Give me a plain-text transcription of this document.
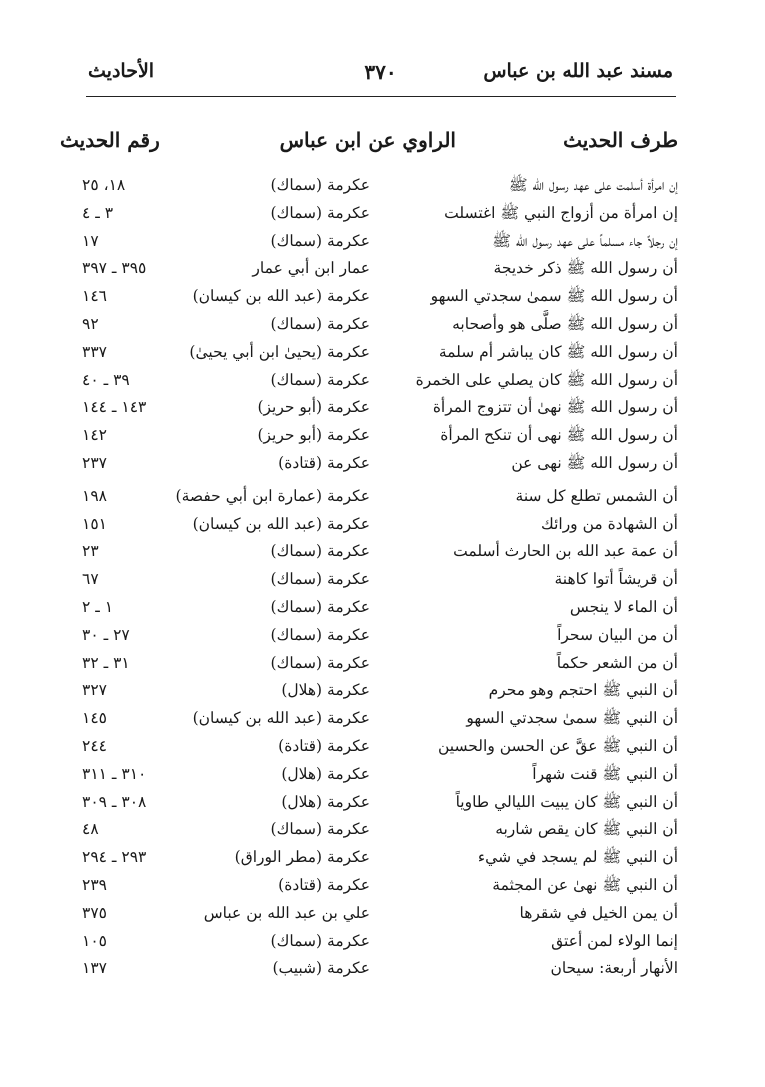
مسند عبد الله بن عباس
٣٧٠
الأحاديث
طرف الحديث
الراوي عن ابن عباس
رقم الحديث
إن امرأة أسلمت على عهد رسول الله ﷺ
عكرمة (سماك)
١٨، ٢٥
إن امرأة من أزواج النبي ﷺ اغتسلت
عكرمة (سماك)
٣ ـ ٤
إن رجلاً جاء مسلماً على عهد رسول الله ﷺ
عكرمة (سماك)
١٧
أن رسول الله ﷺ ذكر خديجة
عمار ابن أبي عمار
٣٩٥ ـ ٣٩٧
أن رسول الله ﷺ سمىٰ سجدتي السهو
عكرمة (عبد الله بن كيسان)
١٤٦
أن رسول الله ﷺ صلَّى هو وأصحابه
عكرمة (سماك)
٩٢
أن رسول الله ﷺ كان يباشر أم سلمة
عكرمة (يحيىٰ ابن أبي يحيىٰ)
٣٣٧
أن رسول الله ﷺ كان يصلي على الخمرة
عكرمة (سماك)
٣٩ ـ ٤٠
أن رسول الله ﷺ نهىٰ أن تتزوج المرأة
عكرمة (أبو حريز)
١٤٣ ـ ١٤٤
أن رسول الله ﷺ نهى أن تنكح المرأة
عكرمة (أبو حريز)
١٤٢
أن رسول الله ﷺ نهى عن
عكرمة (قتادة)
٢٣٧
أن الشمس تطلع كل سنة
عكرمة (عمارة ابن أبي حفصة)
١٩٨
أن الشهادة من ورائك
عكرمة (عبد الله بن كيسان)
١٥١
أن عمة عبد الله بن الحارث أسلمت
عكرمة (سماك)
٢٣
أن قريشاً أتوا كاهنة
عكرمة (سماك)
٦٧
أن الماء لا ينجس
عكرمة (سماك)
١ ـ ٢
أن من البيان سحراً
عكرمة (سماك)
٢٧ ـ ٣٠
أن من الشعر حكماً
عكرمة (سماك)
٣١ ـ ٣٢
أن النبي ﷺ احتجم وهو محرم
عكرمة (هلال)
٣٢٧
أن النبي ﷺ سمىٰ سجدتي السهو
عكرمة (عبد الله بن كيسان)
١٤٥
أن النبي ﷺ عقَّ عن الحسن والحسين
عكرمة (قتادة)
٢٤٤
أن النبي ﷺ قنت شهراً
عكرمة (هلال)
٣١٠ ـ ٣١١
أن النبي ﷺ كان يبيت الليالي طاوياً
عكرمة (هلال)
٣٠٨ ـ ٣٠٩
أن النبي ﷺ كان يقص شاربه
عكرمة (سماك)
٤٨
أن النبي ﷺ لم يسجد في شيء
عكرمة (مطر الوراق)
٢٩٣ ـ ٢٩٤
أن النبي ﷺ نهىٰ عن المجثمة
عكرمة (قتادة)
٢٣٩
أن يمن الخيل في شقرها
علي بن عبد الله بن عباس
٣٧٥
إنما الولاء لمن أعتق
عكرمة (سماك)
١٠٥
الأنهار أربعة: سيحان
عكرمة (شبيب)
١٣٧
